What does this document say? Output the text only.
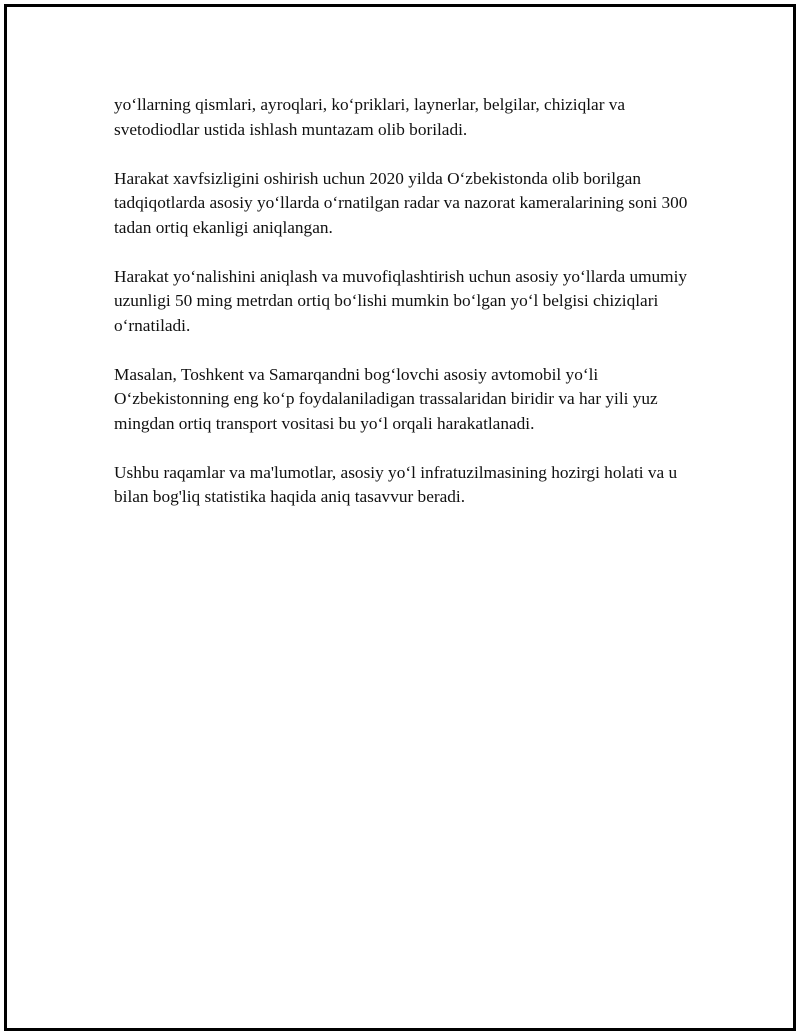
yo‘llarning qismlari, ayroqlari, ko‘priklari, laynerlar, belgilar, chiziqlar va svetodiodlar ustida ishlash muntazam olib boriladi.

Harakat xavfsizligini oshirish uchun 2020 yilda O‘zbekistonda olib borilgan tadqiqotlarda asosiy yo‘llarda o‘rnatilgan radar va nazorat kameralarining soni 300 tadan ortiq ekanligi aniqlangan.

Harakat yo‘nalishini aniqlash va muvofiqlashtirish uchun asosiy yo‘llarda umumiy uzunligi 50 ming metrdan ortiq bo‘lishi mumkin bo‘lgan yo‘l belgisi chiziqlari o‘rnatiladi.

Masalan, Toshkent va Samarqandni bog‘lovchi asosiy avtomobil yo‘li O‘zbekistonning eng ko‘p foydalaniladigan trassalaridan biridir va har yili yuz mingdan ortiq transport vositasi bu yo‘l orqali harakatlanadi.

Ushbu raqamlar va ma'lumotlar, asosiy yo‘l infratuzilmasining hozirgi holati va u bilan bog'liq statistika haqida aniq tasavvur beradi.
